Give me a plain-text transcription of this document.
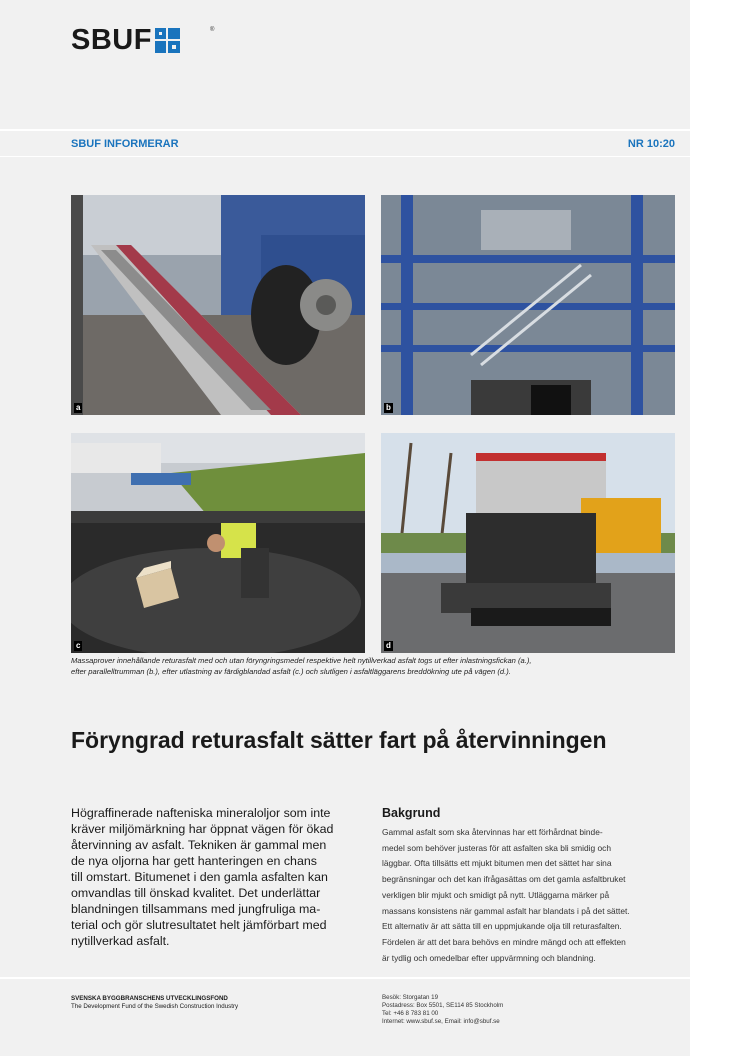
SBUF	®
SBUF INFORMERAR	NR 10:20
a	b
c	d
Massaprover innehållande returasfalt med och utan föryngringsmedel respektive helt nytillverkad asfalt togs ut efter inlastningsfickan (a.),
efter parallelltrumman (b.), efter utlastning av färdigblandad asfalt (c.) och slutligen i asfaltläggarens breddökning ute på vägen (d.).
Föryngrad returasfalt sätter fart på återvinningen
Högraffinerade nafteniska mineraloljor som inte
kräver miljömärkning har öppnat vägen för ökad
återvinning av asfalt. Tekniken är gammal men
de nya oljorna har gett hanteringen en chans
till omstart. Bitumenet i den gamla asfalten kan
omvandlas till önskad kvalitet. Det underlättar
blandningen tillsammans med jungfruliga ma-
terial och gör slutresultatet helt jämförbart med
nytillverkad asfalt.
Bakgrund
Gammal asfalt som ska återvinnas har ett förhårdnat binde-
medel som behöver justeras för att asfalten ska bli smidig och
läggbar. Ofta tillsätts ett mjukt bitumen men det sättet har sina
begränsningar och det kan ifrågasättas om det gamla asfaltbruket
verkligen blir mjukt och smidigt på nytt. Utläggarna märker på
massans konsistens när gammal asfalt har blandats i på det sättet.
Ett alternativ är att sätta till en uppmjukande olja till returasfalten.
Fördelen är att det bara behövs en mindre mängd och att effekten
är tydlig och omedelbar efter uppvärmning och blandning.
SVENSKA BYGGBRANSCHENS UTVECKLINGSFOND
The Development Fund of the Swedish Construction Industry
Besök: Storgatan 19
Postadress: Box 5501, SE114 85 Stockholm
Tel: +46 8 783 81 00
Internet: www.sbuf.se, Email: info@sbuf.se
